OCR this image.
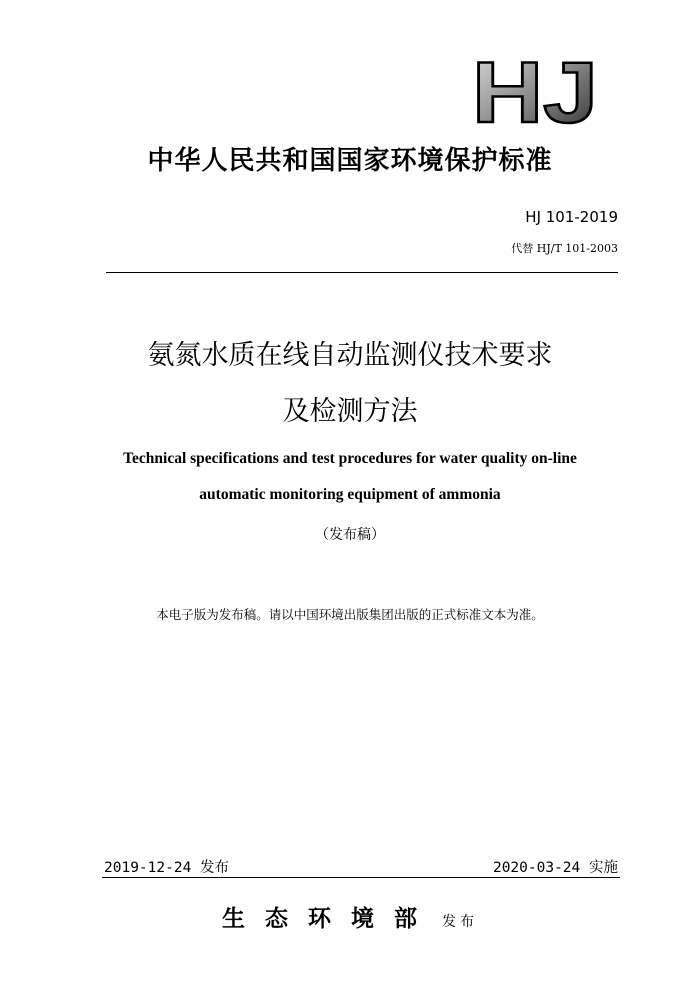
HJ
中华人民共和国国家环境保护标准
HJ 101-2019
代替 HJ/T 101-2003
氨氮水质在线自动监测仪技术要求
及检测方法
Technical specifications and test procedures for water quality on-line
automatic monitoring equipment of ammonia
（发布稿）
本电子版为发布稿。请以中国环境出版集团出版的正式标准文本为准。
2019-12-24 发布	2020-03-24 实施
生态环境部 发布
